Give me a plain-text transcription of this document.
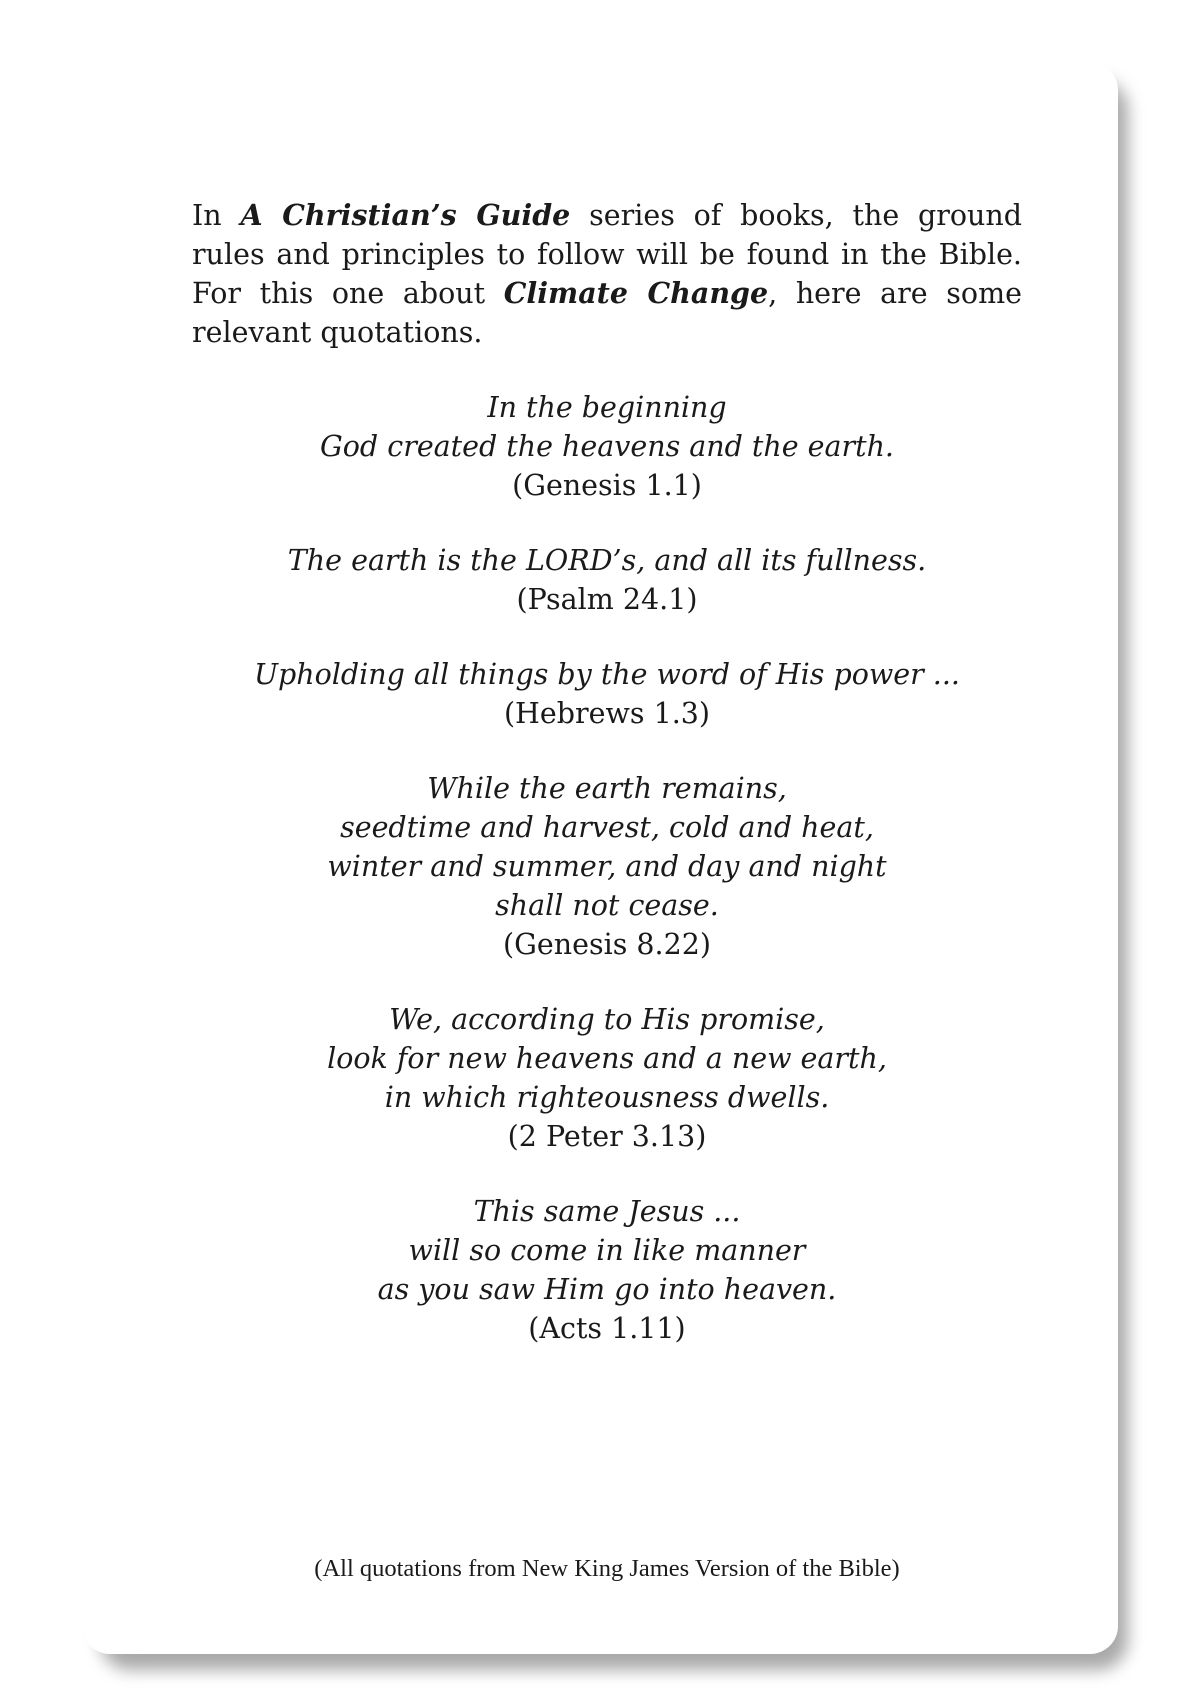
In A Christian’s Guide series of books, the ground rules and principles to follow will be found in the Bible. For this one about Climate Change, here are some relevant quotations.

In the beginning
God created the heavens and the earth.
(Genesis 1.1)
The earth is the LORD’s, and all its fullness.
(Psalm 24.1)
Upholding all things by the word of His power ...
(Hebrews 1.3)
While the earth remains,
seedtime and harvest, cold and heat,
winter and summer, and day and night
shall not cease.
(Genesis 8.22)
We, according to His promise,
look for new heavens and a new earth,
in which righteousness dwells.
(2 Peter 3.13)
This same Jesus ...
will so come in like manner
as you saw Him go into heaven.
(Acts 1.11)
(All quotations from New King James Version of the Bible)
